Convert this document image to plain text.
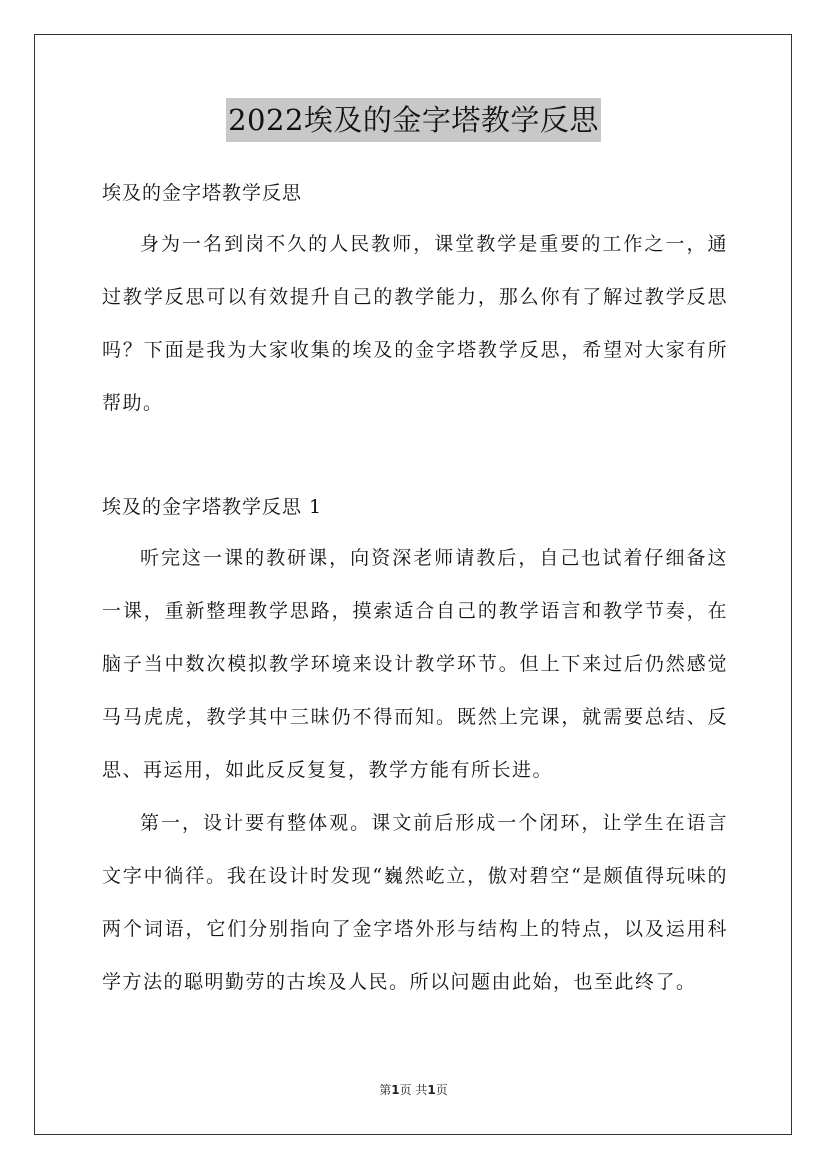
2022埃及的金字塔教学反思

埃及的金字塔教学反思

身为一名到岗不久的人民教师，课堂教学是重要的工作之一，通过教学反思可以有效提升自己的教学能力，那么你有了解过教学反思吗？下面是我为大家收集的埃及的金字塔教学反思，希望对大家有所帮助。

埃及的金字塔教学反思 1

听完这一课的教研课，向资深老师请教后，自己也试着仔细备这一课，重新整理教学思路，摸索适合自己的教学语言和教学节奏，在脑子当中数次模拟教学环境来设计教学环节。但上下来过后仍然感觉马马虎虎，教学其中三昧仍不得而知。既然上完课，就需要总结、反思、再运用，如此反反复复，教学方能有所长进。

第一，设计要有整体观。课文前后形成一个闭环，让学生在语言文字中徜徉。我在设计时发现“巍然屹立，傲对碧空“是颇值得玩味的两个词语，它们分别指向了金字塔外形与结构上的特点，以及运用科学方法的聪明勤劳的古埃及人民。所以问题由此始，也至此终了。

第1页 共1页
